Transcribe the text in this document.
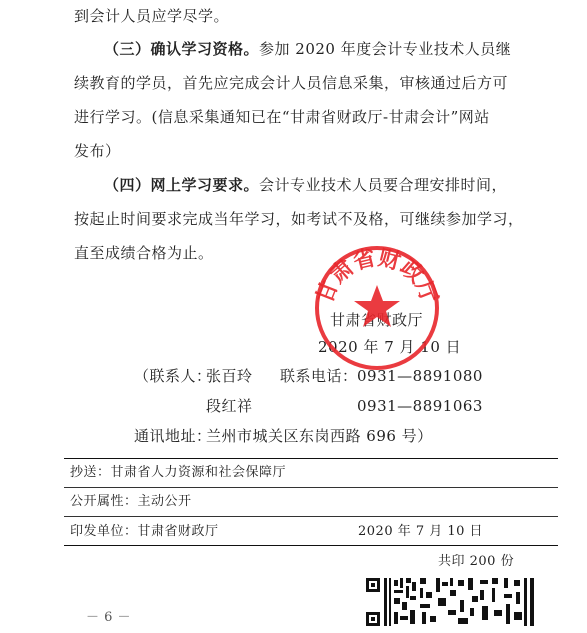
到会计人员应学尽学。
（三）确认学习资格。参加 2020 年度会计专业技术人员继
续教育的学员，首先应完成会计人员信息采集，审核通过后方可
进行学习。(信息采集通知已在“甘肃省财政厅-甘肃会计”网站
发布）
（四）网上学习要求。会计专业技术人员要合理安排时间，
按起止时间要求完成当年学习，如考试不及格，可继续参加学习，
直至成绩合格为止。
甘肃省财政厅
2020 年 7 月 10 日
甘肃省财政厅
（联系人：
张百玲 联系电话： 0931—8891080
段红祥	0931—8891063
通讯地址：
兰州市城关区东岗西路 696 号）
抄送：甘肃省人力资源和社会保障厅
公开属性：主动公开
印发单位：甘肃省财政厅	2020 年 7 月 10 日
共印 200 份
－ 6 －
